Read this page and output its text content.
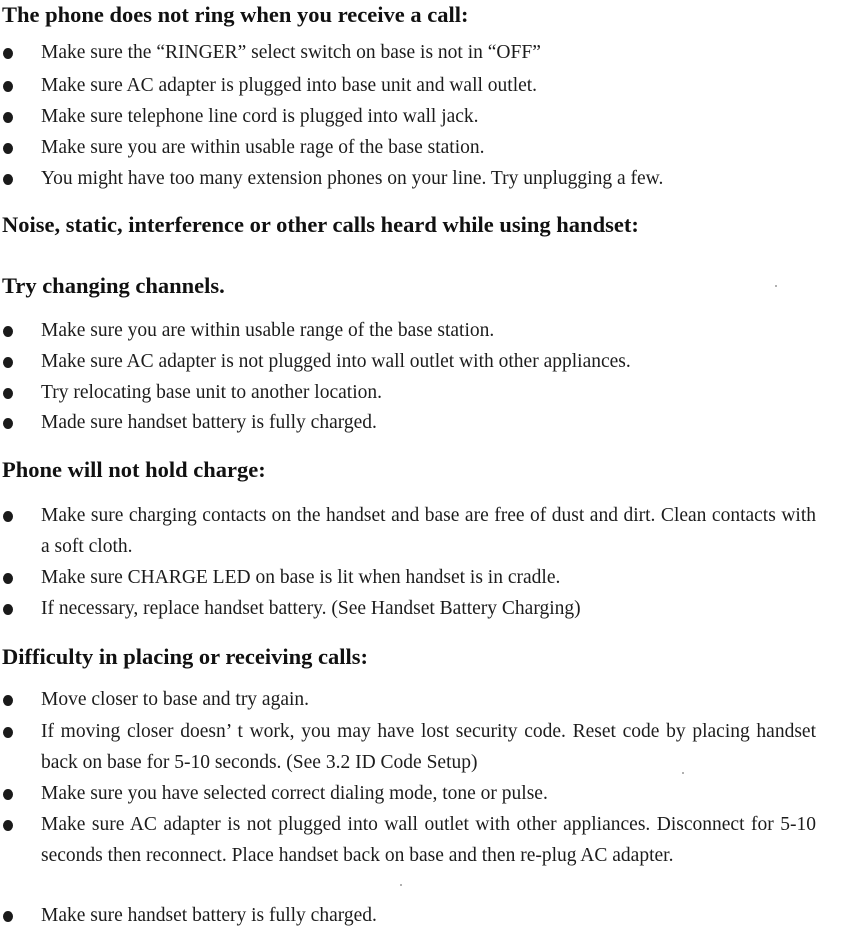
The phone does not ring when you receive a call:
Make sure the “RINGER” select switch on base is not in “OFF”
Make sure AC adapter is plugged into base unit and wall outlet.
Make sure telephone line cord is plugged into wall jack.
Make sure you are within usable rage of the base station.
You might have too many extension phones on your line. Try unplugging a few.
Noise, static, interference or other calls heard while using handset:
Try changing channels.
Make sure you are within usable range of the base station.
Make sure AC adapter is not plugged into wall outlet with other appliances.
Try relocating base unit to another location.
Made sure handset battery is fully charged.
Phone will not hold charge:
Make sure charging contacts on the handset and base are free of dust and dirt. Clean contacts with a soft cloth.
Make sure CHARGE LED on base is lit when handset is in cradle.
If necessary, replace handset battery. (See Handset Battery Charging)
Difficulty in placing or receiving calls:
Move closer to base and try again.
If moving closer doesn’ t work, you may have lost security code. Reset code by placing handset back on base for 5-10 seconds. (See 3.2 ID Code Setup)
Make sure you have selected correct dialing mode, tone or pulse.
Make sure AC adapter is not plugged into wall outlet with other appliances. Disconnect for 5-10 seconds then reconnect. Place handset back on base and then re-plug AC adapter.
Make sure handset battery is fully charged.
